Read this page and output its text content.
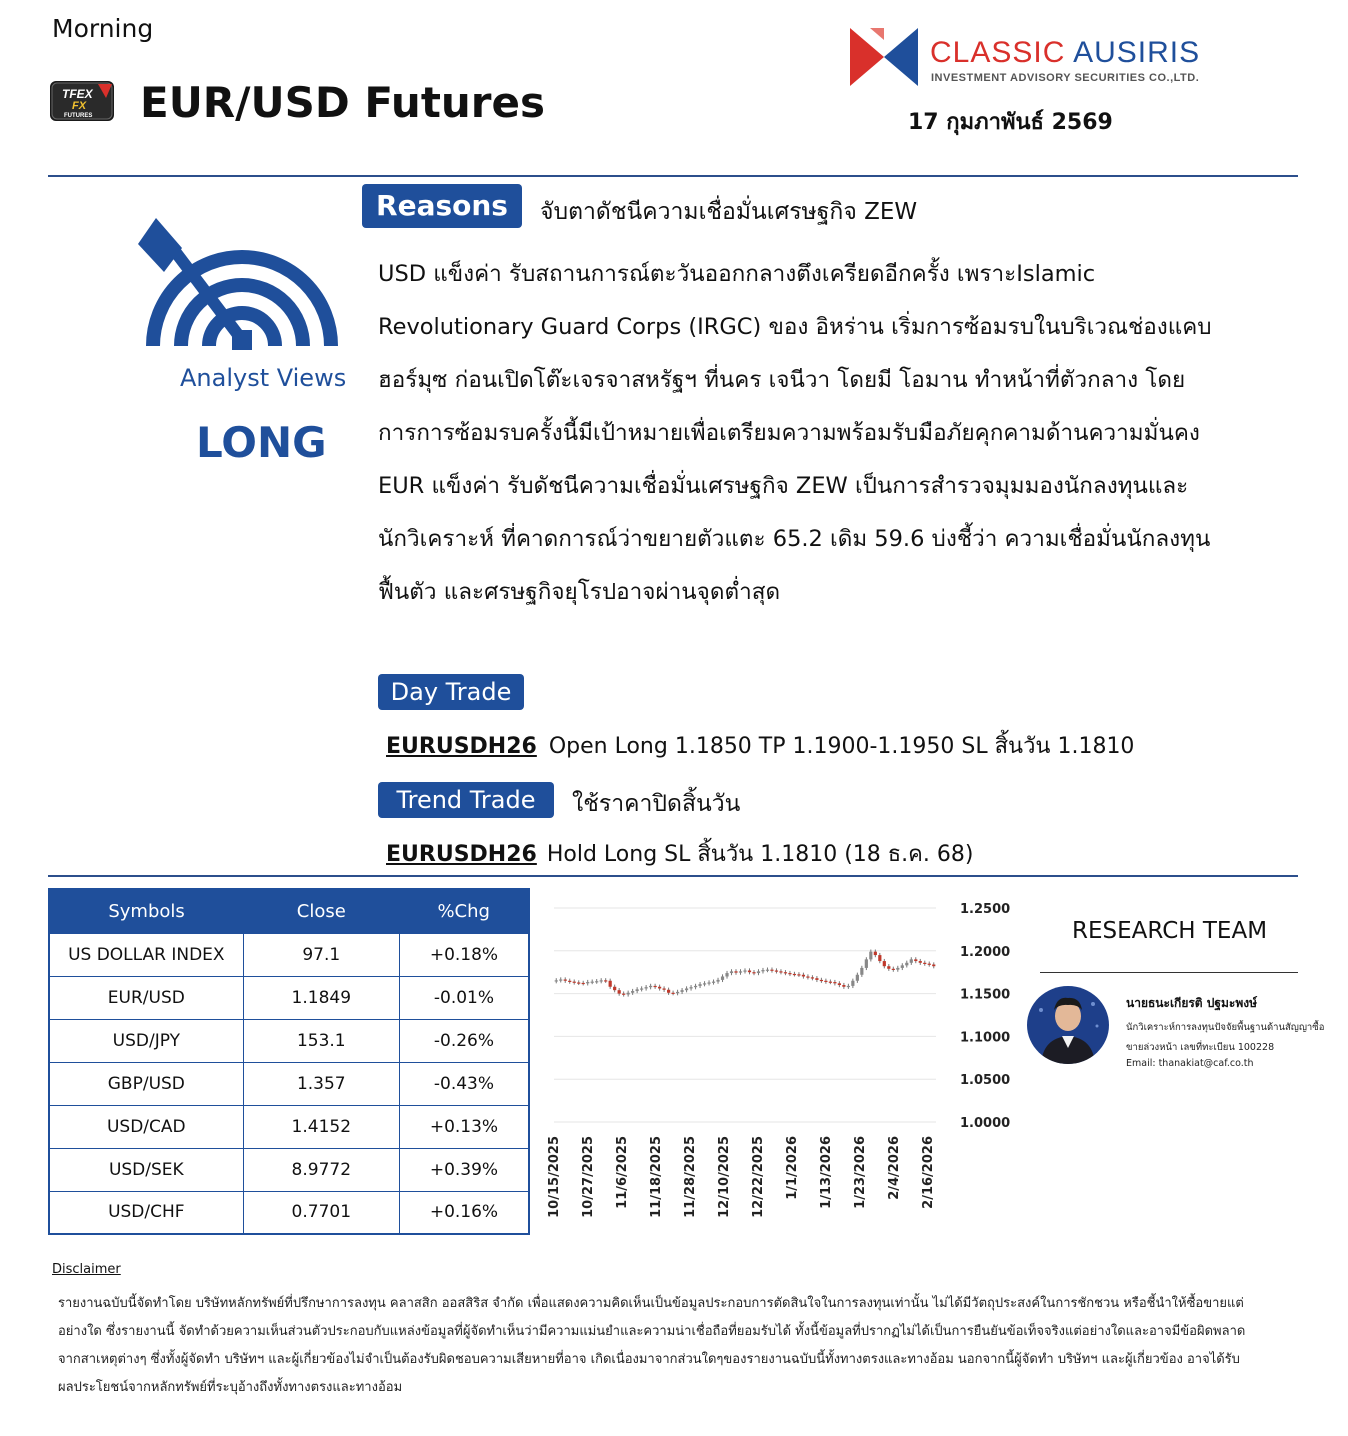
Morning
TFEX
FX
FUTURES EUR/USD Futures
CLASSIC AUSIRIS
INVESTMENT ADVISORY SECURITIES CO.,LTD.
17 กุมภาพันธ์ 2569
Analyst Views
LONG
Reasons	จับตาดัชนีความเชื่อมั่นเศรษฐกิจ ZEW

USD แข็งค่า รับสถานการณ์ตะวันออกกลางตึงเครียดอีกครั้ง เพราะIslamic

Revolutionary Guard Corps (IRGC) ของ อิหร่าน เริ่มการซ้อมรบในบริเวณช่องแคบ

ฮอร์มุซ ก่อนเปิดโต๊ะเจรจาสหรัฐฯ ที่นคร เจนีวา โดยมี โอมาน ทำหน้าที่ตัวกลาง โดย

การการซ้อมรบครั้งนี้มีเป้าหมายเพื่อเตรียมความพร้อมรับมือภัยคุกคามด้านความมั่นคง

EUR แข็งค่า รับดัชนีความเชื่อมั่นเศรษฐกิจ ZEW เป็นการสำรวจมุมมองนักลงทุนและ

นักวิเคราะห์ ที่คาดการณ์ว่าขยายตัวแตะ 65.2 เดิม 59.6 บ่งชี้ว่า ความเชื่อมั่นนักลงทุน

ฟื้นตัว และศรษฐกิจยุโรปอาจผ่านจุดต่ำสุด

Day Trade
EURUSDH26 Open Long 1.1850 TP 1.1900-1.1950 SL สิ้นวัน 1.1810
Trend Trade	ใช้ราคาปิดสิ้นวัน
EURUSDH26 Hold Long SL สิ้นวัน 1.1810 (18 ธ.ค. 68)
Symbols	Close	%Chg
US DOLLAR INDEX	97.1	+0.18%
EUR/USD	1.1849	-0.01%
USD/JPY	153.1	-0.26%
GBP/USD	1.357	-0.43%
USD/CAD	1.4152	+0.13%
USD/SEK	8.9772	+0.39%
USD/CHF	0.7701	+0.16%
1.2500
1.2000
1.1500
1.1000
1.0500
1.0000
10/15/2025 10/27/2025 11/6/2025 11/18/2025 11/28/2025 12/10/2025 12/22/2025 1/1/2026 1/13/2026 1/23/2026 2/4/2026 2/16/2026
RESEARCH TEAM
นายธนะเกียรติ ปฐมะพงษ์
นักวิเคราะห์การลงทุนปัจจัยพื้นฐานด้านสัญญาซื้อ
ขายล่วงหน้า เลขที่ทะเบียน 100228
Email: thanakiat@caf.co.th
Disclaimer

รายงานฉบับนี้จัดทำโดย บริษัทหลักทรัพย์ที่ปรึกษาการลงทุน คลาสสิก ออสสิริส จำกัด เพื่อแสดงความคิดเห็นเป็นข้อมูลประกอบการตัดสินใจในการลงทุนเท่านั้น ไม่ได้มีวัตถุประสงค์ในการชักชวน หรือชี้นำให้ซื้อขายแต่

อย่างใด ซึ่งรายงานนี้ จัดทำด้วยความเห็นส่วนตัวประกอบกับแหล่งข้อมูลที่ผู้จัดทำเห็นว่ามีความแม่นยำและความน่าเชื่อถือที่ยอมรับได้ ทั้งนี้ข้อมูลที่ปรากฏไม่ได้เป็นการยืนยันข้อเท็จจริงแต่อย่างใดและอาจมีข้อผิดพลาด

จากสาเหตุต่างๆ ซึ่งทั้งผู้จัดทำ บริษัทฯ และผู้เกี่ยวข้องไม่จำเป็นต้องรับผิดชอบความเสียหายที่อาจ เกิดเนื่องมาจากส่วนใดๆของรายงานฉบับนี้ทั้งทางตรงและทางอ้อม นอกจากนี้ผู้จัดทำ บริษัทฯ และผู้เกี่ยวข้อง อาจได้รับ

ผลประโยชน์จากหลักทรัพย์ที่ระบุอ้างถึงทั้งทางตรงและทางอ้อม
